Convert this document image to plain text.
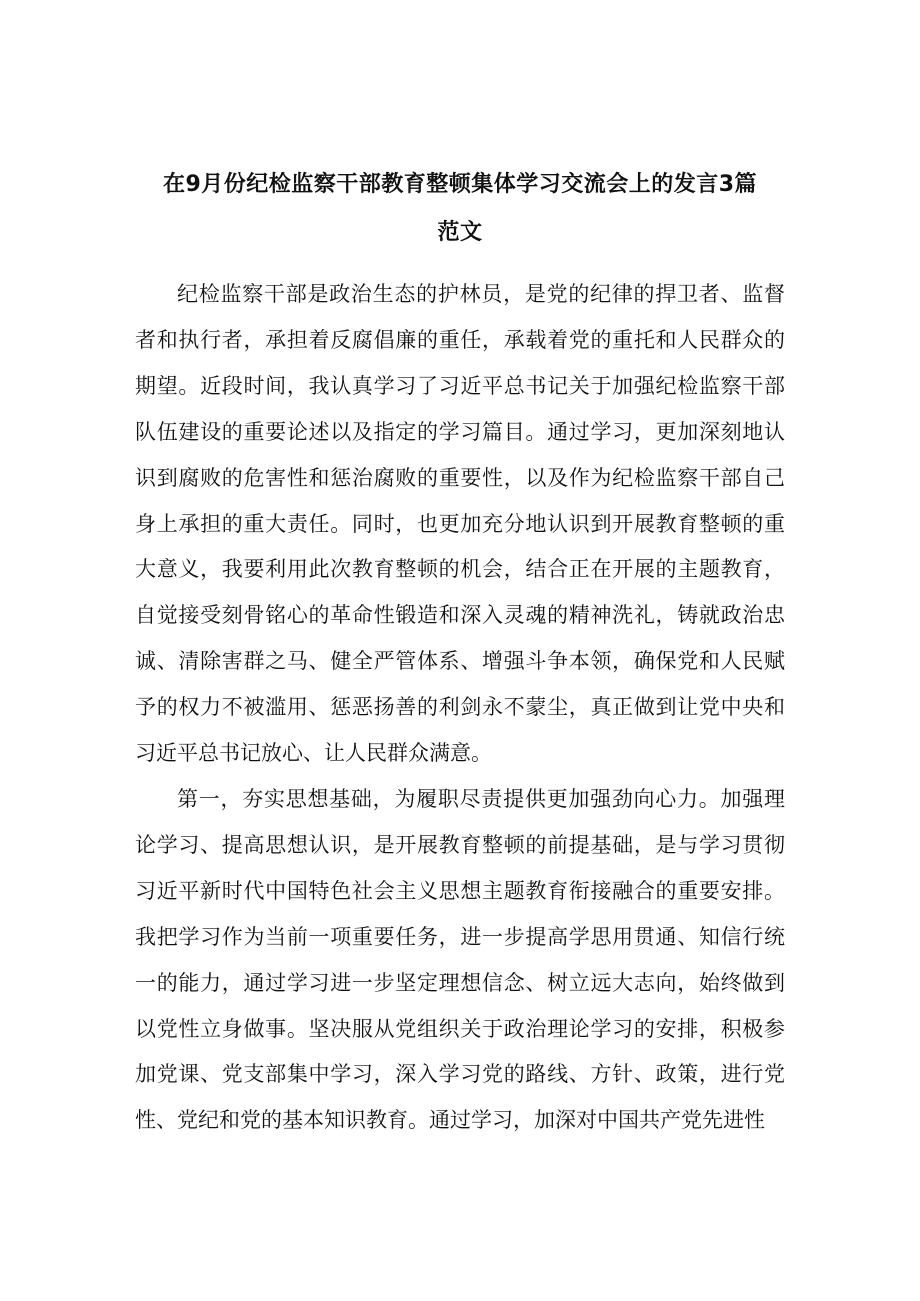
在9月份纪检监察干部教育整顿集体学习交流会上的发言3篇
范文

纪检监察干部是政治生态的护林员，是党的纪律的捍卫者、监督者和执行者，承担着反腐倡廉的重任，承载着党的重托和人民群众的期望。近段时间，我认真学习了习近平总书记关于加强纪检监察干部队伍建设的重要论述以及指定的学习篇目。通过学习，更加深刻地认识到腐败的危害性和惩治腐败的重要性，以及作为纪检监察干部自己身上承担的重大责任。同时，也更加充分地认识到开展教育整顿的重大意义，我要利用此次教育整顿的机会，结合正在开展的主题教育，自觉接受刻骨铭心的革命性锻造和深入灵魂的精神洗礼，铸就政治忠诚、清除害群之马、健全严管体系、增强斗争本领，确保党和人民赋予的权力不被滥用、惩恶扬善的利剑永不蒙尘，真正做到让党中央和习近平总书记放心、让人民群众满意。

第一，夯实思想基础，为履职尽责提供更加强劲向心力。加强理论学习、提高思想认识，是开展教育整顿的前提基础，是与学习贯彻习近平新时代中国特色社会主义思想主题教育衔接融合的重要安排。我把学习作为当前一项重要任务，进一步提高学思用贯通、知信行统一的能力，通过学习进一步坚定理想信念、树立远大志向，始终做到以党性立身做事。坚决服从党组织关于政治理论学习的安排，积极参加党课、党支部集中学习，深入学习党的路线、方针、政策，进行党性、党纪和党的基本知识教育。通过学习，加深对中国共产党先进性
